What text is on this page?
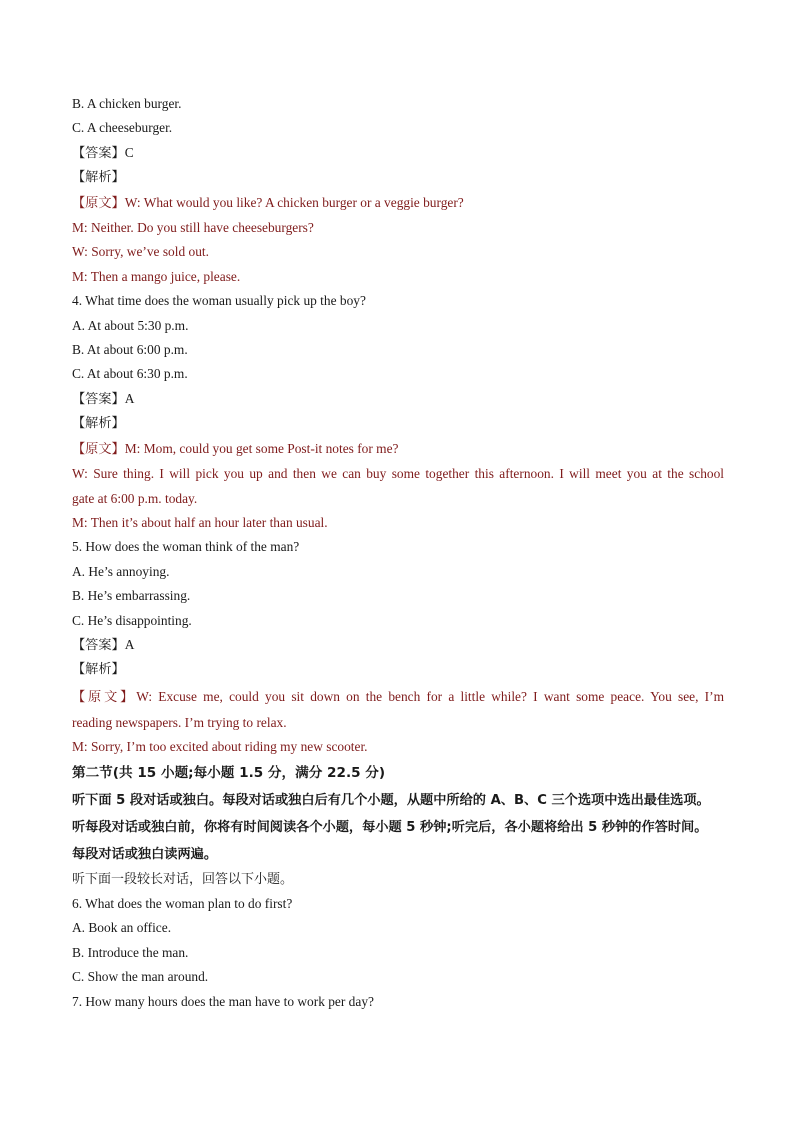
B. A chicken burger.
C. A cheeseburger.
【答案】C
【解析】
【原文】W: What would you like? A chicken burger or a veggie burger?
M: Neither. Do you still have cheeseburgers?
W: Sorry, we’ve sold out.
M: Then a mango juice, please.
4. What time does the woman usually pick up the boy?
A. At about 5:30 p.m.
B. At about 6:00 p.m.
C. At about 6:30 p.m.
【答案】A
【解析】
【原文】M: Mom, could you get some Post-it notes for me?
W: Sure thing. I will pick you up and then we can buy some together this afternoon. I will meet you at the school
gate at 6:00 p.m. today.
M: Then it’s about half an hour later than usual.
5. How does the woman think of the man?
A. He’s annoying.
B. He’s embarrassing.
C. He’s disappointing.
【答案】A
【解析】
【原文】W: Excuse me, could you sit down on the bench for a little while? I want some peace. You see, I’m
reading newspapers. I’m trying to relax.
M: Sorry, I’m too excited about riding my new scooter.
第二节(共 15 小题;每小题 1.5 分，满分 22.5 分)
听下面 5 段对话或独白。每段对话或独白后有几个小题，从题中所给的 A、B、C 三个选项中选出最佳选项。
听每段对话或独白前，你将有时间阅读各个小题，每小题 5 秒钟;听完后，各小题将给出 5 秒钟的作答时间。
每段对话或独白读两遍。
听下面一段较长对话，回答以下小题。
6. What does the woman plan to do first?
A. Book an office.
B. Introduce the man.
C. Show the man around.
7. How many hours does the man have to work per day?
